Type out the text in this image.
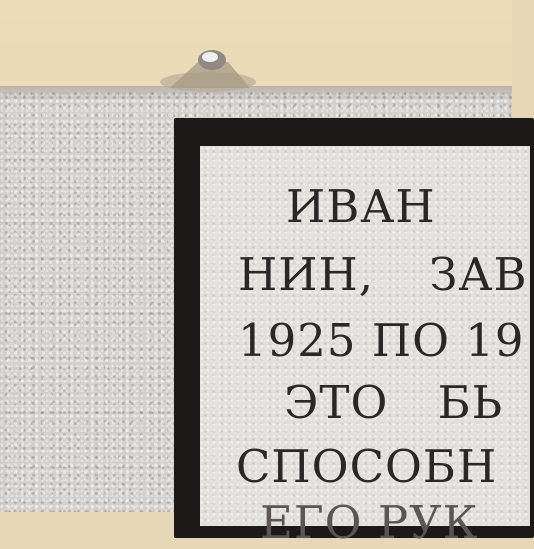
ИВАН
НИН, ЗАВ
1925 ПО 19
ЭТО БЬ
СПОСОБН
ЕГО РУК
